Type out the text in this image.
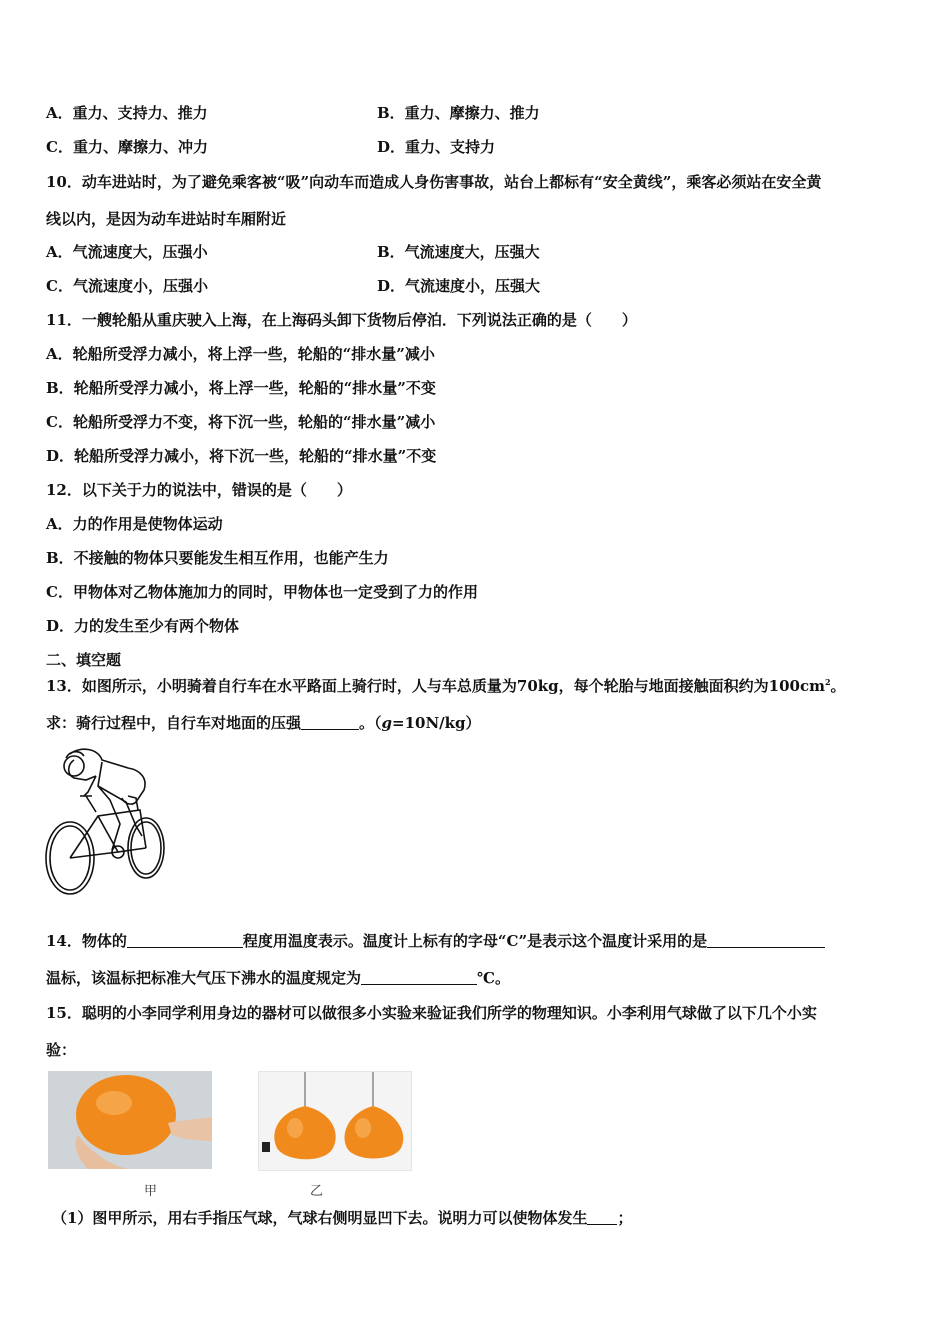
A．重力、支持力、推力	B．重力、摩擦力、推力
C．重力、摩擦力、冲力	D．重力、支持力
10．动车进站时，为了避免乘客被“吸”向动车而造成人身伤害事故，站台上都标有“安全黄线”，乘客必须站在安全黄
线以内，是因为动车进站时车厢附近
A．气流速度大，压强小	B．气流速度大，压强大
C．气流速度小，压强小	D．气流速度小，压强大
11．一艘轮船从重庆驶入上海，在上海码头卸下货物后停泊．下列说法正确的是（　　）
A．轮船所受浮力减小，将上浮一些，轮船的“排水量”减小
B．轮船所受浮力减小，将上浮一些，轮船的“排水量”不变
C．轮船所受浮力不变，将下沉一些，轮船的“排水量”减小
D．轮船所受浮力减小，将下沉一些，轮船的“排水量”不变
12．以下关于力的说法中，错误的是（　　）
A．力的作用是使物体运动
B．不接触的物体只要能发生相互作用，也能产生力
C．甲物体对乙物体施加力的同时，甲物体也一定受到了力的作用
D．力的发生至少有两个物体
二、填空题
13．如图所示，小明骑着自行车在水平路面上骑行时，人与车总质量为70kg，每个轮胎与地面接触面积约为$100cm^2$。
求：骑行过程中，自行车对地面的压强	。（g=10N/kg）
14．物体的	程度用温度表示。温度计上标有的字母“C”是表示这个温度计采用的是
温标，该温标把标准大气压下沸水的温度规定为	℃。
15．聪明的小李同学利用身边的器材可以做很多小实验来验证我们所学的物理知识。小李利用气球做了以下几个小实
验：
甲	乙
（1）图甲所示，用右手指压气球，气球右侧明显凹下去。说明力可以使物体发生 ；
